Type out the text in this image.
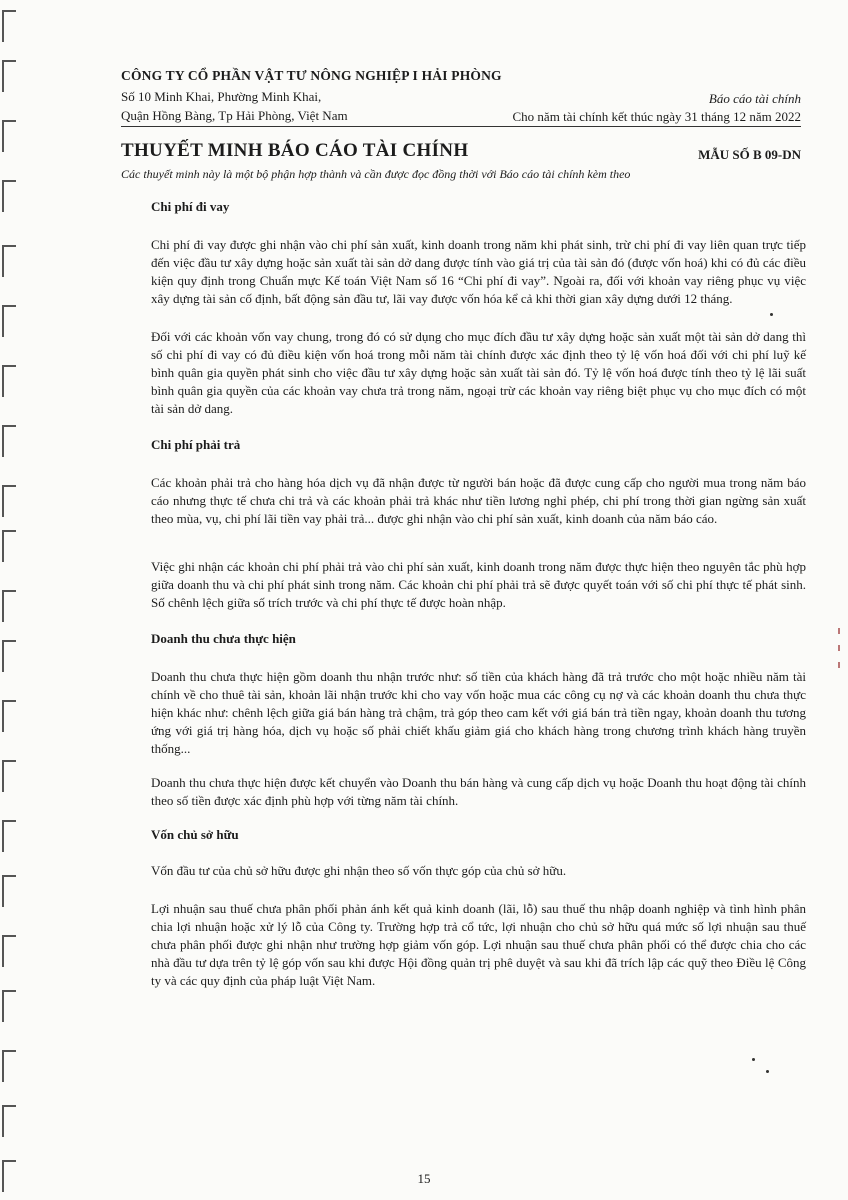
CÔNG TY CỔ PHẦN VẬT TƯ NÔNG NGHIỆP I HẢI PHÒNG
Số 10 Minh Khai, Phường Minh Khai,
Quận Hồng Bàng, Tp Hải Phòng, Việt Nam
Báo cáo tài chính
Cho năm tài chính kết thúc ngày 31 tháng 12 năm 2022
THUYẾT MINH BÁO CÁO TÀI CHÍNH	MẪU SỐ B 09-DN
Các thuyết minh này là một bộ phận hợp thành và cần được đọc đồng thời với Báo cáo tài chính kèm theo

Chi phí đi vay

Chi phí đi vay được ghi nhận vào chi phí sản xuất, kinh doanh trong năm khi phát sinh, trừ chi phí đi vay liên quan trực tiếp đến việc đầu tư xây dựng hoặc sản xuất tài sản dở dang được tính vào giá trị của tài sản đó (được vốn hoá) khi có đủ các điều kiện quy định trong Chuẩn mực Kế toán Việt Nam số 16 “Chi phí đi vay”. Ngoài ra, đối với khoản vay riêng phục vụ việc xây dựng tài sản cố định, bất động sản đầu tư, lãi vay được vốn hóa kể cả khi thời gian xây dựng dưới 12 tháng.

Đối với các khoản vốn vay chung, trong đó có sử dụng cho mục đích đầu tư xây dựng hoặc sản xuất một tài sản dở dang thì số chi phí đi vay có đủ điều kiện vốn hoá trong mỗi năm tài chính được xác định theo tỷ lệ vốn hoá đối với chi phí luỹ kế bình quân gia quyền phát sinh cho việc đầu tư xây dựng hoặc sản xuất tài sản đó. Tỷ lệ vốn hoá được tính theo tỷ lệ lãi suất bình quân gia quyền của các khoản vay chưa trả trong năm, ngoại trừ các khoản vay riêng biệt phục vụ cho mục đích có một tài sản dở dang.

Chi phí phải trả

Các khoản phải trả cho hàng hóa dịch vụ đã nhận được từ người bán hoặc đã được cung cấp cho người mua trong năm báo cáo nhưng thực tế chưa chi trả và các khoản phải trả khác như tiền lương nghỉ phép, chi phí trong thời gian ngừng sản xuất theo mùa, vụ, chi phí lãi tiền vay phải trả... được ghi nhận vào chi phí sản xuất, kinh doanh của năm báo cáo.

Việc ghi nhận các khoản chi phí phải trả vào chi phí sản xuất, kinh doanh trong năm được thực hiện theo nguyên tắc phù hợp giữa doanh thu và chi phí phát sinh trong năm. Các khoản chi phí phải trả sẽ được quyết toán với số chi phí thực tế phát sinh. Số chênh lệch giữa số trích trước và chi phí thực tế được hoàn nhập.

Doanh thu chưa thực hiện

Doanh thu chưa thực hiện gồm doanh thu nhận trước như: số tiền của khách hàng đã trả trước cho một hoặc nhiều năm tài chính về cho thuê tài sản, khoản lãi nhận trước khi cho vay vốn hoặc mua các công cụ nợ và các khoản doanh thu chưa thực hiện khác như: chênh lệch giữa giá bán hàng trả chậm, trả góp theo cam kết với giá bán trả tiền ngay, khoản doanh thu tương ứng với giá trị hàng hóa, dịch vụ hoặc số phải chiết khấu giảm giá cho khách hàng trong chương trình khách hàng truyền thống...

Doanh thu chưa thực hiện được kết chuyển vào Doanh thu bán hàng và cung cấp dịch vụ hoặc Doanh thu hoạt động tài chính theo số tiền được xác định phù hợp với từng năm tài chính.

Vốn chủ sở hữu

Vốn đầu tư của chủ sở hữu được ghi nhận theo số vốn thực góp của chủ sở hữu.

Lợi nhuận sau thuế chưa phân phối phản ánh kết quả kinh doanh (lãi, lỗ) sau thuế thu nhập doanh nghiệp và tình hình phân chia lợi nhuận hoặc xử lý lỗ của Công ty. Trường hợp trả cổ tức, lợi nhuận cho chủ sở hữu quá mức số lợi nhuận sau thuế chưa phân phối được ghi nhận như trường hợp giảm vốn góp. Lợi nhuận sau thuế chưa phân phối có thể được chia cho các nhà đầu tư dựa trên tỷ lệ góp vốn sau khi được Hội đồng quản trị phê duyệt và sau khi đã trích lập các quỹ theo Điều lệ Công ty và các quy định của pháp luật Việt Nam.

15
